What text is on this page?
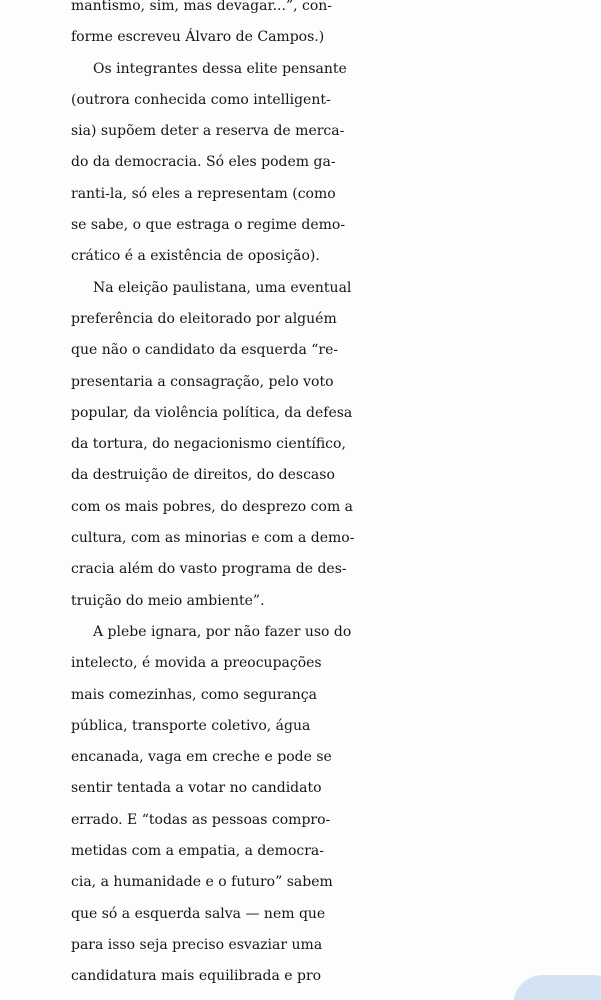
mantismo, sim, mas devagar...”, con-
forme escreveu Álvaro de Campos.)
Os integrantes dessa elite pensante
(outrora conhecida como intelligent-
sia) supõem deter a reserva de merca-
do da democracia. Só eles podem ga-
ranti-la, só eles a representam (como
se sabe, o que estraga o regime demo-
crático é a existência de oposição).
Na eleição paulistana, uma eventual
preferência do eleitorado por alguém
que não o candidato da esquerda “re-
presentaria a consagração, pelo voto
popular, da violência política, da defesa
da tortura, do negacionismo científico,
da destruição de direitos, do descaso
com os mais pobres, do desprezo com a
cultura, com as minorias e com a demo-
cracia além do vasto programa de des-
truição do meio ambiente”.
A plebe ignara, por não fazer uso do
intelecto, é movida a preocupações
mais comezinhas, como segurança
pública, transporte coletivo, água
encanada, vaga em creche e pode se
sentir tentada a votar no candidato
errado. E “todas as pessoas compro-
metidas com a empatia, a democra-
cia, a humanidade e o futuro” sabem
que só a esquerda salva — nem que
para isso seja preciso esvaziar uma
candidatura mais equilibrada e pro
